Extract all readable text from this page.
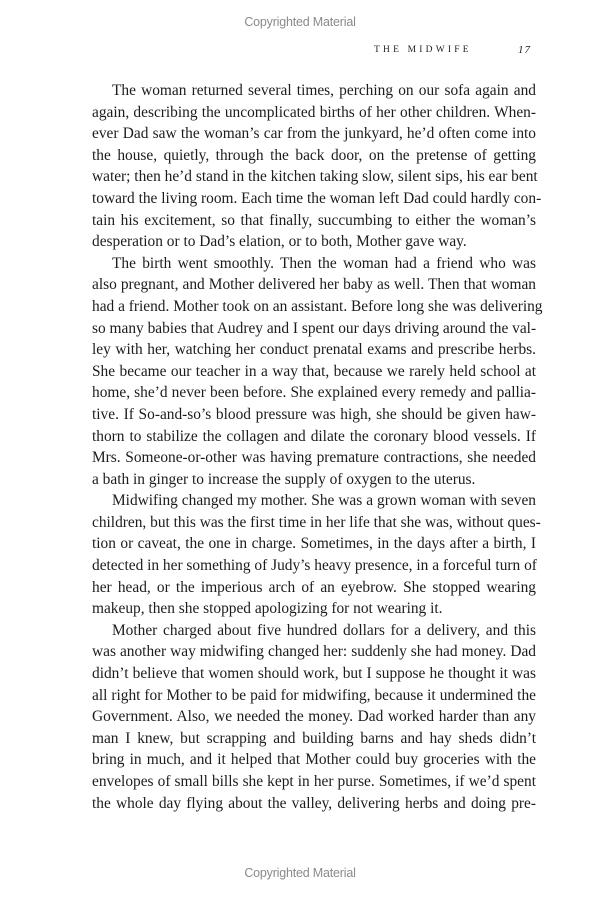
Copyrighted Material
THE MIDWIFE	17
The woman returned several times, perching on our sofa again and
again, describing the uncomplicated births of her other children. When-
ever Dad saw the woman’s car from the junkyard, he’d often come into
the house, quietly, through the back door, on the pretense of getting
water; then he’d stand in the kitchen taking slow, silent sips, his ear bent
toward the living room. Each time the woman left Dad could hardly con-
tain his excitement, so that finally, succumbing to either the woman’s
desperation or to Dad’s elation, or to both, Mother gave way.
The birth went smoothly. Then the woman had a friend who was
also pregnant, and Mother delivered her baby as well. Then that woman
had a friend. Mother took on an assistant. Before long she was delivering
so many babies that Audrey and I spent our days driving around the val-
ley with her, watching her conduct prenatal exams and prescribe herbs.
She became our teacher in a way that, because we rarely held school at
home, she’d never been before. She explained every remedy and pallia-
tive. If So-and-so’s blood pressure was high, she should be given haw-
thorn to stabilize the collagen and dilate the coronary blood vessels. If
Mrs. Someone-or-other was having premature contractions, she needed
a bath in ginger to increase the supply of oxygen to the uterus.
Midwifing changed my mother. She was a grown woman with seven
children, but this was the first time in her life that she was, without ques-
tion or caveat, the one in charge. Sometimes, in the days after a birth, I
detected in her something of Judy’s heavy presence, in a forceful turn of
her head, or the imperious arch of an eyebrow. She stopped wearing
makeup, then she stopped apologizing for not wearing it.
Mother charged about five hundred dollars for a delivery, and this
was another way midwifing changed her: suddenly she had money. Dad
didn’t believe that women should work, but I suppose he thought it was
all right for Mother to be paid for midwifing, because it undermined the
Government. Also, we needed the money. Dad worked harder than any
man I knew, but scrapping and building barns and hay sheds didn’t
bring in much, and it helped that Mother could buy groceries with the
envelopes of small bills she kept in her purse. Sometimes, if we’d spent
the whole day flying about the valley, delivering herbs and doing pre-
Copyrighted Material
